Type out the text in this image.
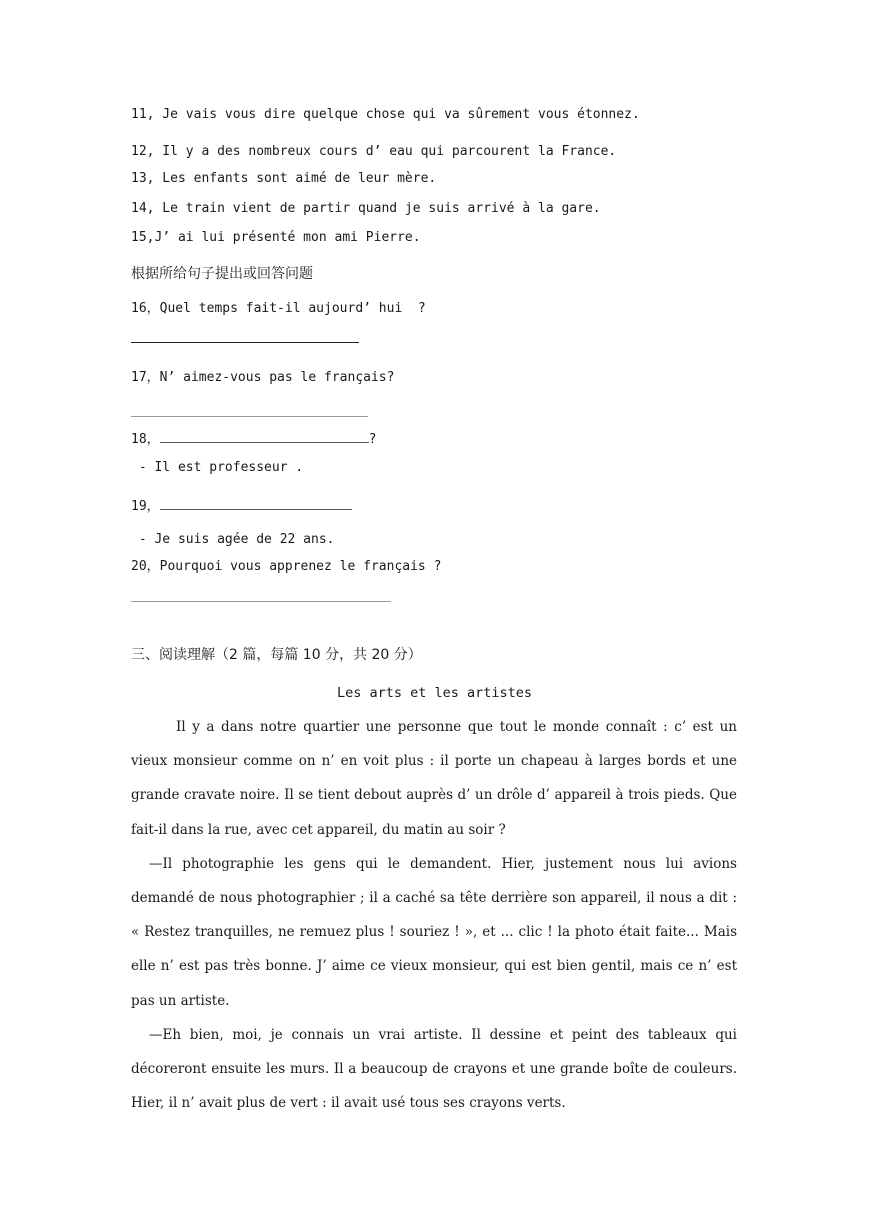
11, Je vais vous dire quelque chose qui va sûrement vous étonnez.
12, Il y a des nombreux cours d’ eau qui parcourent la France.
13, Les enfants sont aimé de leur mère.
14, Le train vient de partir quand je suis arrivé à la gare.
15,J’ ai lui présenté mon ami Pierre.
根据所给句子提出或回答问题
16，Quel temps fait-il aujourd’ hui  ?
17，N’ aimez-vous pas le français?
18，	?
- Il est professeur .
19，
- Je suis agée de 22 ans.
20，Pourquoi vous apprenez le français ?
三、阅读理解（2 篇，每篇 10 分，共 20 分）
Les arts et les artistes

Il y a dans notre quartier une personne que tout le monde connaît : c’ est un vieux monsieur comme on n’ en voit plus : il porte un chapeau à larges bords et une grande cravate noire. Il se tient debout auprès d’ un drôle d’ appareil à trois pieds. Que fait-il dans la rue, avec cet appareil, du matin au soir ?

—Il photographie les gens qui le demandent. Hier, justement nous lui avions demandé de nous photographier ; il a caché sa tête derrière son appareil, il nous a dit : « Restez tranquilles, ne remuez plus ! souriez ! », et ... clic ! la photo était faite... Mais elle n’ est pas très bonne. J’ aime ce vieux monsieur, qui est bien gentil, mais ce n’ est pas un artiste.

—Eh bien, moi, je connais un vrai artiste. Il dessine et peint des tableaux qui décoreront ensuite les murs. Il a beaucoup de crayons et une grande boîte de couleurs. Hier, il n’ avait plus de vert : il avait usé tous ses crayons verts.
